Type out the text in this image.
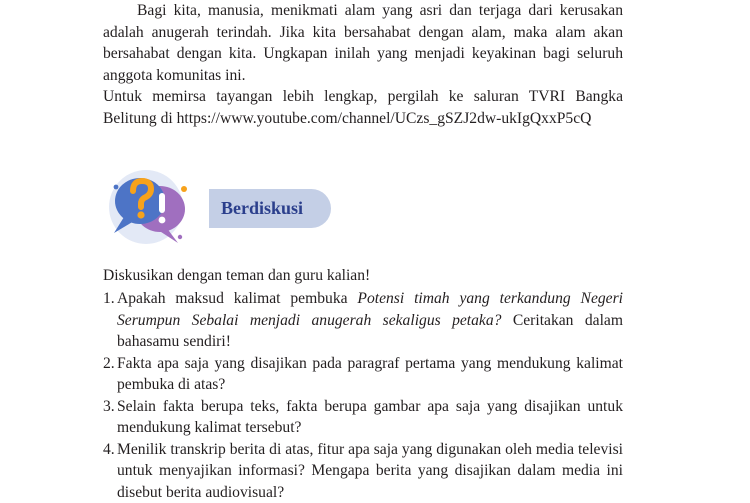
Bagi kita, manusia, menikmati alam yang asri dan terjaga dari kerusakan adalah anugerah terindah. Jika kita bersahabat dengan alam, maka alam akan bersahabat dengan kita. Ungkapan inilah yang menjadi keyakinan bagi seluruh anggota komunitas ini.

Untuk memirsa tayangan lebih lengkap, pergilah ke saluran TVRI Bangka Belitung di https://www.youtube.com/channel/UCzs_gSZJ2dw-ukIgQxxP5cQ

Berdiskusi

Diskusikan dengan teman dan guru kalian!

1. Apakah maksud kalimat pembuka Potensi timah yang terkandung Negeri Serumpun Sebalai menjadi anugerah sekaligus petaka? Ceritakan dalam bahasamu sendiri!
2. Fakta apa saja yang disajikan pada paragraf pertama yang mendukung kalimat pembuka di atas?
3. Selain fakta berupa teks, fakta berupa gambar apa saja yang disajikan untuk mendukung kalimat tersebut?
4. Menilik transkrip berita di atas, fitur apa saja yang digunakan oleh media televisi untuk menyajikan informasi? Mengapa berita yang disajikan dalam media ini disebut berita audiovisual?
